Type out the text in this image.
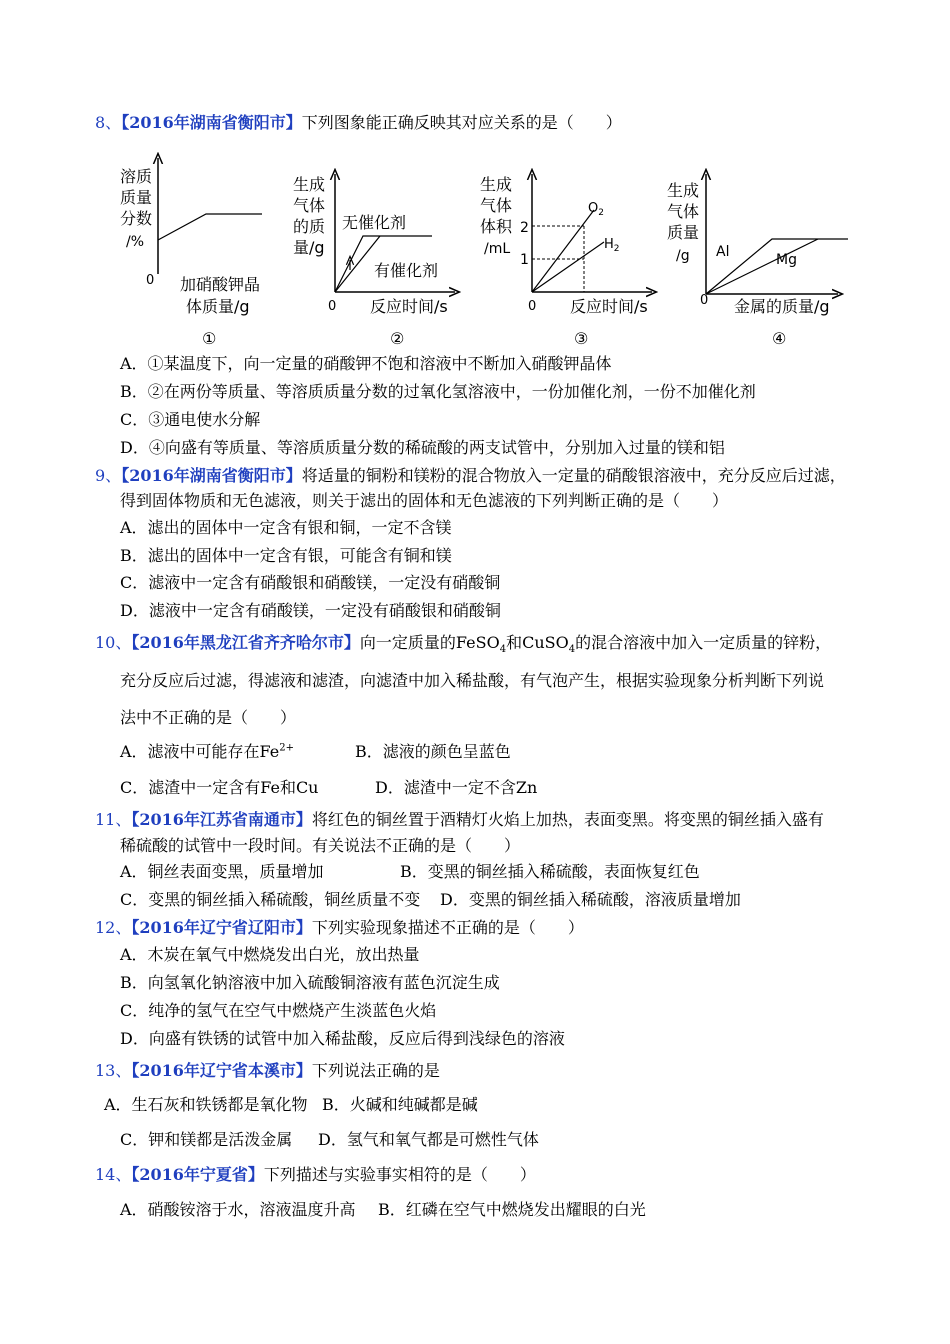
8、【2016年湖南省衡阳市】下列图象能正确反映其对应关系的是（　　）
溶质
质量
分数
/%
0 加硝酸钾晶
体质量/g
①
生成
气体
的质
量/g
无催化剂
有催化剂
0 反应时间/s
②
生成
气体
体积
/mL
2
1
$O_2$
$H_2$
0 反应时间/s
③
生成
气体
质量
/g Al	Mg
0 金属的质量/g
④
A．①某温度下，向一定量的硝酸钾不饱和溶液中不断加入硝酸钾晶体
B．②在两份等质量、等溶质质量分数的过氧化氢溶液中，一份加催化剂，一份不加催化剂
C．③通电使水分解
D．④向盛有等质量、等溶质质量分数的稀硫酸的两支试管中，分别加入过量的镁和铝
9、【2016年湖南省衡阳市】将适量的铜粉和镁粉的混合物放入一定量的硝酸银溶液中，充分反应后过滤，
得到固体物质和无色滤液，则关于滤出的固体和无色滤液的下列判断正确的是（　　）
A．滤出的固体中一定含有银和铜，一定不含镁
B．滤出的固体中一定含有银，可能含有铜和镁
C．滤液中一定含有硝酸银和硝酸镁，一定没有硝酸铜
D．滤液中一定含有硝酸镁，一定没有硝酸银和硝酸铜
10、【2016年黑龙江省齐齐哈尔市】向一定质量的FeSO$_4$和CuSO$_4$的混合溶液中加入一定质量的锌粉，
充分反应后过滤，得滤液和滤渣，向滤渣中加入稀盐酸，有气泡产生，根据实验现象分析判断下列说
法中不正确的是（　　）
A．滤液中可能存在$Fe^{2+}$	B．滤液的颜色呈蓝色
C．滤渣中一定含有Fe和Cu	D．滤渣中一定不含Zn
11、【2016年江苏省南通市】将红色的铜丝置于酒精灯火焰上加热，表面变黑。将变黑的铜丝插入盛有
稀硫酸的试管中一段时间。有关说法不正确的是（　　）
A．铜丝表面变黑，质量增加	B．变黑的铜丝插入稀硫酸，表面恢复红色
C．变黑的铜丝插入稀硫酸，铜丝质量不变 D．变黑的铜丝插入稀硫酸，溶液质量增加
12、【2016年辽宁省辽阳市】下列实验现象描述不正确的是（　　）
A．木炭在氧气中燃烧发出白光，放出热量
B．向氢氧化钠溶液中加入硫酸铜溶液有蓝色沉淀生成
C．纯净的氢气在空气中燃烧产生淡蓝色火焰
D．向盛有铁锈的试管中加入稀盐酸，反应后得到浅绿色的溶液
13、【2016年辽宁省本溪市】下列说法正确的是
A．生石灰和铁锈都是氧化物 B．火碱和纯碱都是碱
C．钾和镁都是活泼金属 D．氢气和氧气都是可燃性气体
14、【2016年宁夏省】下列描述与实验事实相符的是（　　）
A．硝酸铵溶于水，溶液温度升高 B．红磷在空气中燃烧发出耀眼的白光
